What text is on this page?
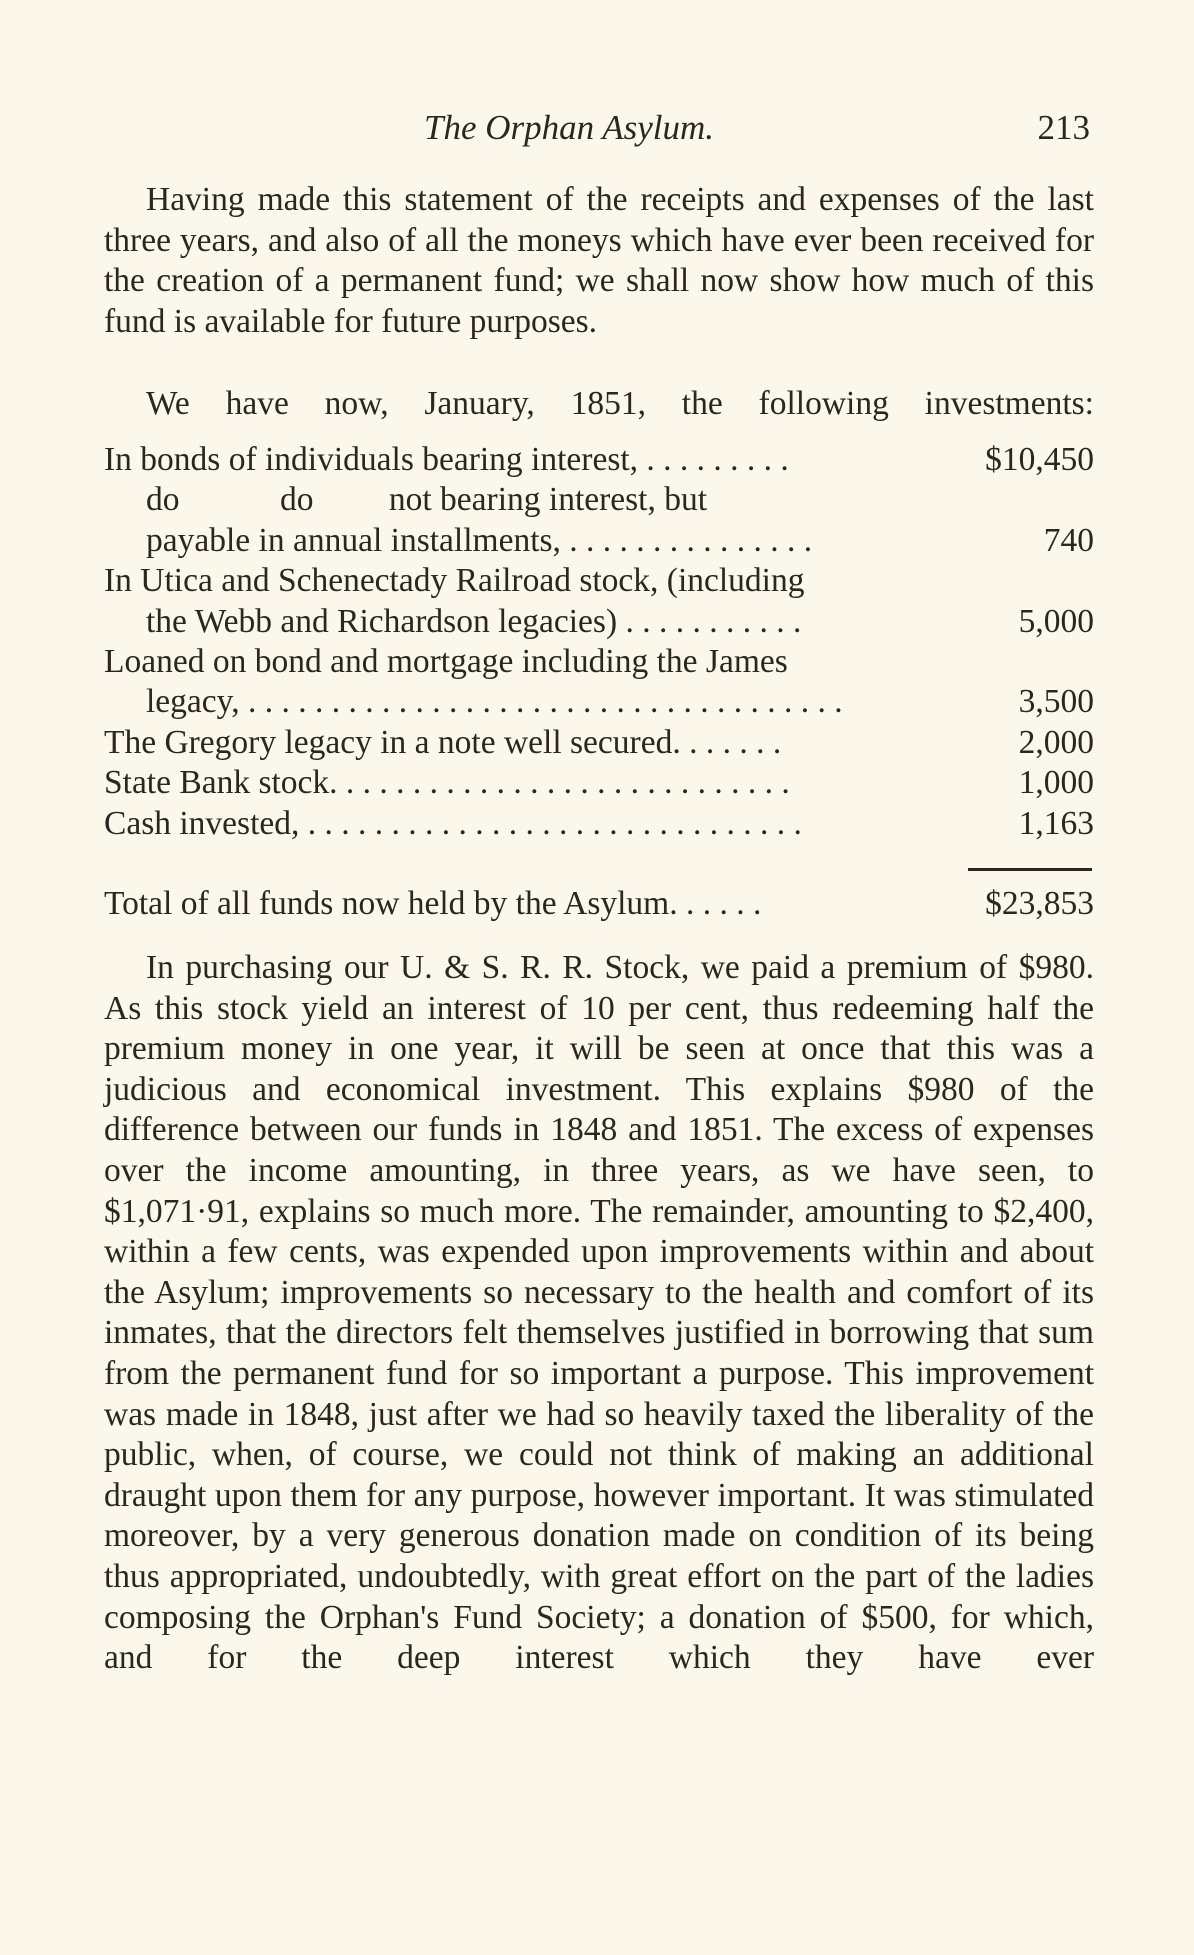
The Orphan Asylum.	213
Having made this statement of the receipts and expenses of the last three years, and also of all the moneys which have ever been received for the creation of a permanent fund; we shall now show how much of this fund is available for future purposes.
We have now, January, 1851, the following investments:
In bonds of individuals bearing interest, . . . . . . . . .	$10,450
do            do         not bearing interest, but
payable in annual installments, . . . . . . . . . . . . . . .	740
In Utica and Schenectady Railroad stock, (including
the Webb and Richardson legacies) . . . . . . . . . . .	5,000
Loaned on bond and mortgage including the James
legacy, . . . . . . . . . . . . . . . . . . . . . . . . . . . . . . . . . . . .	3,500
The Gregory legacy in a note well secured. . . . . . .	2,000
State Bank stock. . . . . . . . . . . . . . . . . . . . . . . . . . . .	1,000
Cash invested, . . . . . . . . . . . . . . . . . . . . . . . . . . . . . .	1,163
Total of all funds now held by the Asylum. . . . . .	$23,853
In purchasing our U. & S. R. R. Stock, we paid a premium of $980. As this stock yield an interest of 10 per cent, thus redeeming half the premium money in one year, it will be seen at once that this was a judicious and economical investment. This explains $980 of the difference between our funds in 1848 and 1851. The excess of expenses over the income amounting, in three years, as we have seen, to $1,071·91, explains so much more. The remainder, amounting to $2,400, within a few cents, was expended upon improvements within and about the Asylum; improvements so necessary to the health and comfort of its inmates, that the directors felt themselves justified in borrowing that sum from the permanent fund for so important a purpose. This improvement was made in 1848, just after we had so heavily taxed the liberality of the public, when, of course, we could not think of making an additional draught upon them for any purpose, however important. It was stimulated moreover, by a very generous donation made on condition of its being thus appropriated, undoubtedly, with great effort on the part of the ladies composing the Orphan's Fund Society; a donation of $500, for which, and for the deep interest which they have ever
